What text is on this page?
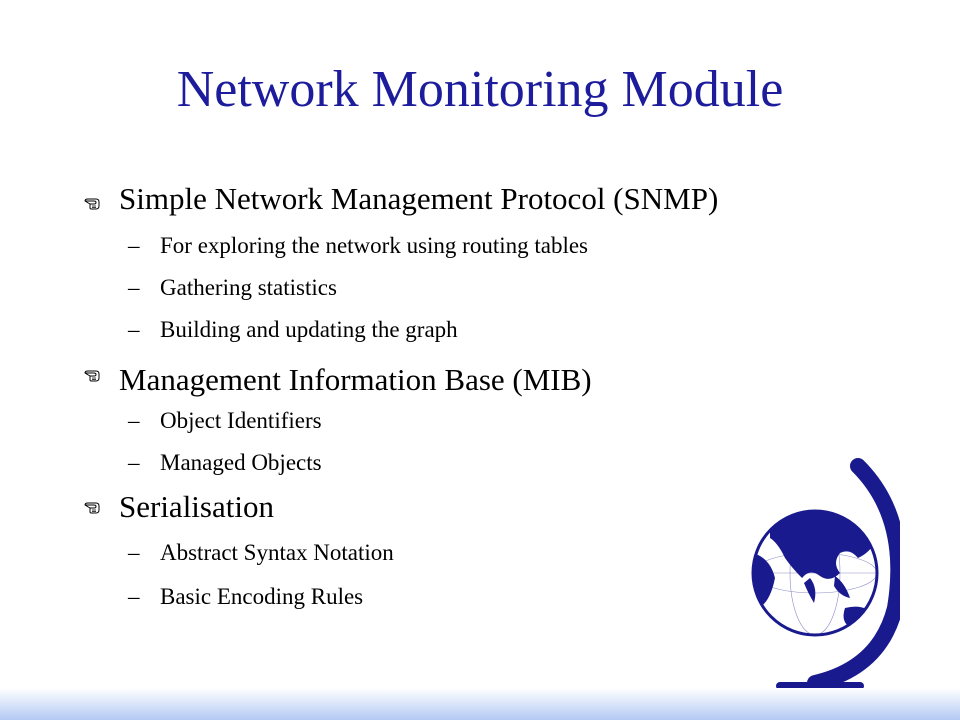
Network Monitoring Module
Simple Network Management Protocol (SNMP)
– For exploring the network using routing tables
– Gathering statistics
– Building and updating the graph
Management Information Base (MIB)
– Object Identifiers
– Managed Objects
Serialisation
– Abstract Syntax Notation
– Basic Encoding Rules
